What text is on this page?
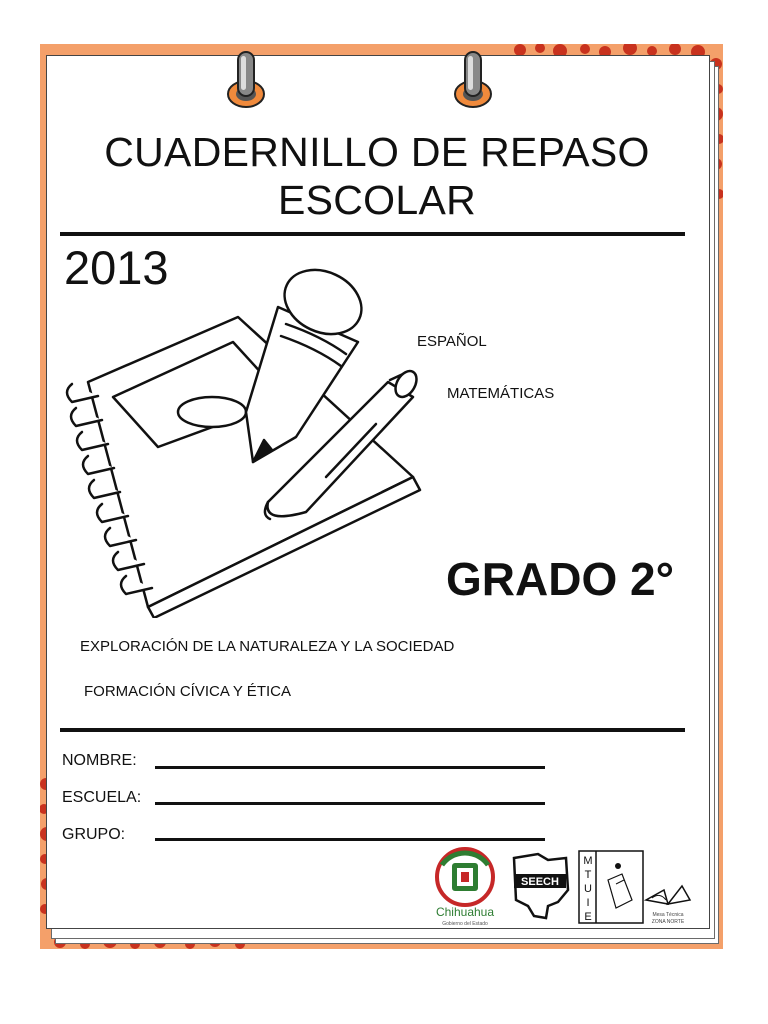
CUADERNILLO DE REPASO
ESCOLAR
2013
ESPAÑOL
MATEMÁTICAS
GRADO 2°
EXPLORACIÓN DE LA NATURALEZA Y LA SOCIEDAD
FORMACIÓN CÍVICA Y ÉTICA
NOMBRE:
ESCUELA:
GRUPO:
Chihuahua
Gobierno del Estado
SEECH
M
T
U
I
E	Mesa Técnica
ZONA NORTE
